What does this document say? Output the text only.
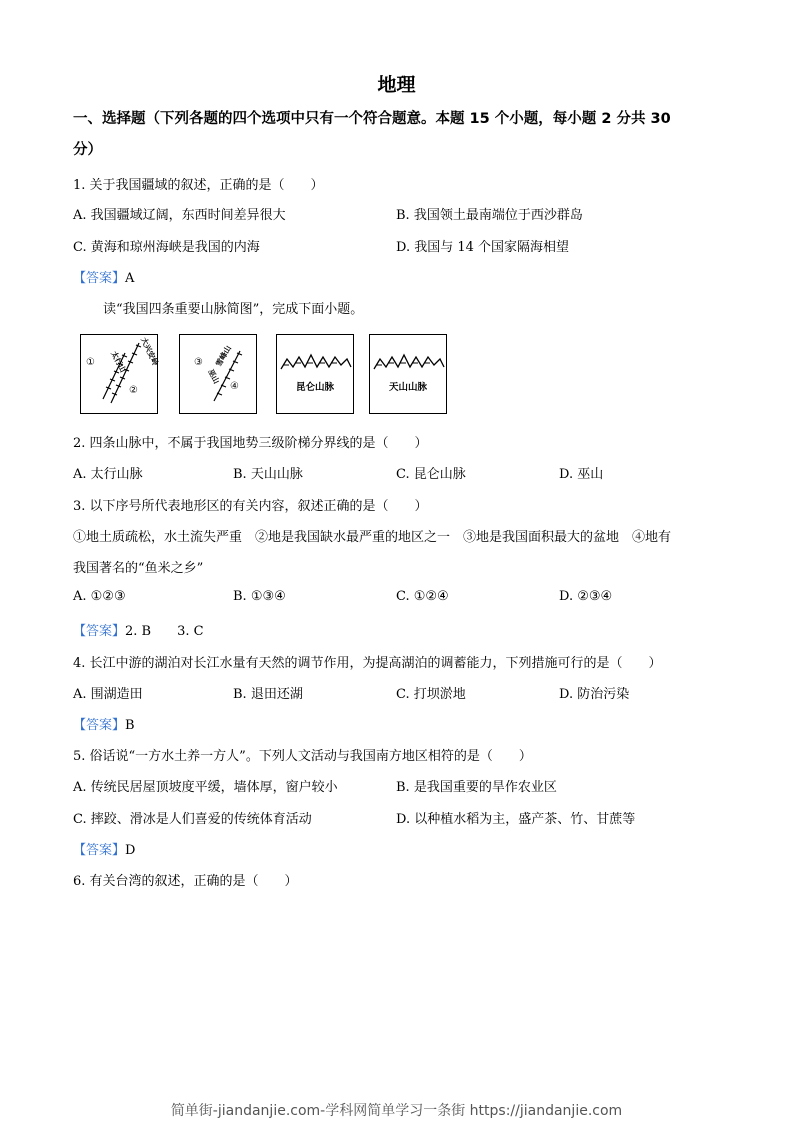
地理
一、选择题（下列各题的四个选项中只有一个符合题意。本题 15 个小题，每小题 2 分共 30
分）
1. 关于我国疆域的叙述，正确的是（　　）
A. 我国疆域辽阔，东西时间差异很大	B. 我国领土最南端位于西沙群岛
C. 黄海和琼州海峡是我国的内海	D. 我国与 14 个国家隔海相望
【答案】A
读“我国四条重要山脉简图”，完成下面小题。
①
②
太行山 大兴安岭	③
④
巫山
雪峰山
昆仑山脉	天山山脉
2. 四条山脉中，不属于我国地势三级阶梯分界线的是（　　）
A. 太行山脉	B. 天山山脉	C. 昆仑山脉	D. 巫山
3. 以下序号所代表地形区的有关内容，叙述正确的是（　　）
①地土质疏松，水土流失严重　②地是我国缺水最严重的地区之一　③地是我国面积最大的盆地　④地有
我国著名的“鱼米之乡”
A. ①②③	B. ①③④	C. ①②④	D. ②③④
【答案】2. B　　3. C
4. 长江中游的湖泊对长江水量有天然的调节作用，为提高湖泊的调蓄能力，下列措施可行的是（　　）
A. 围湖造田	B. 退田还湖	C. 打坝淤地	D. 防治污染
【答案】B
5. 俗话说“一方水土养一方人”。下列人文活动与我国南方地区相符的是（　　）
A. 传统民居屋顶坡度平缓，墙体厚，窗户较小	B. 是我国重要的旱作农业区
C. 摔跤、滑冰是人们喜爱的传统体育活动	D. 以种植水稻为主，盛产茶、竹、甘蔗等
【答案】D
6. 有关台湾的叙述，正确的是（　　）
简单街-jiandanjie.com-学科网简单学习一条街 https://jiandanjie.com
